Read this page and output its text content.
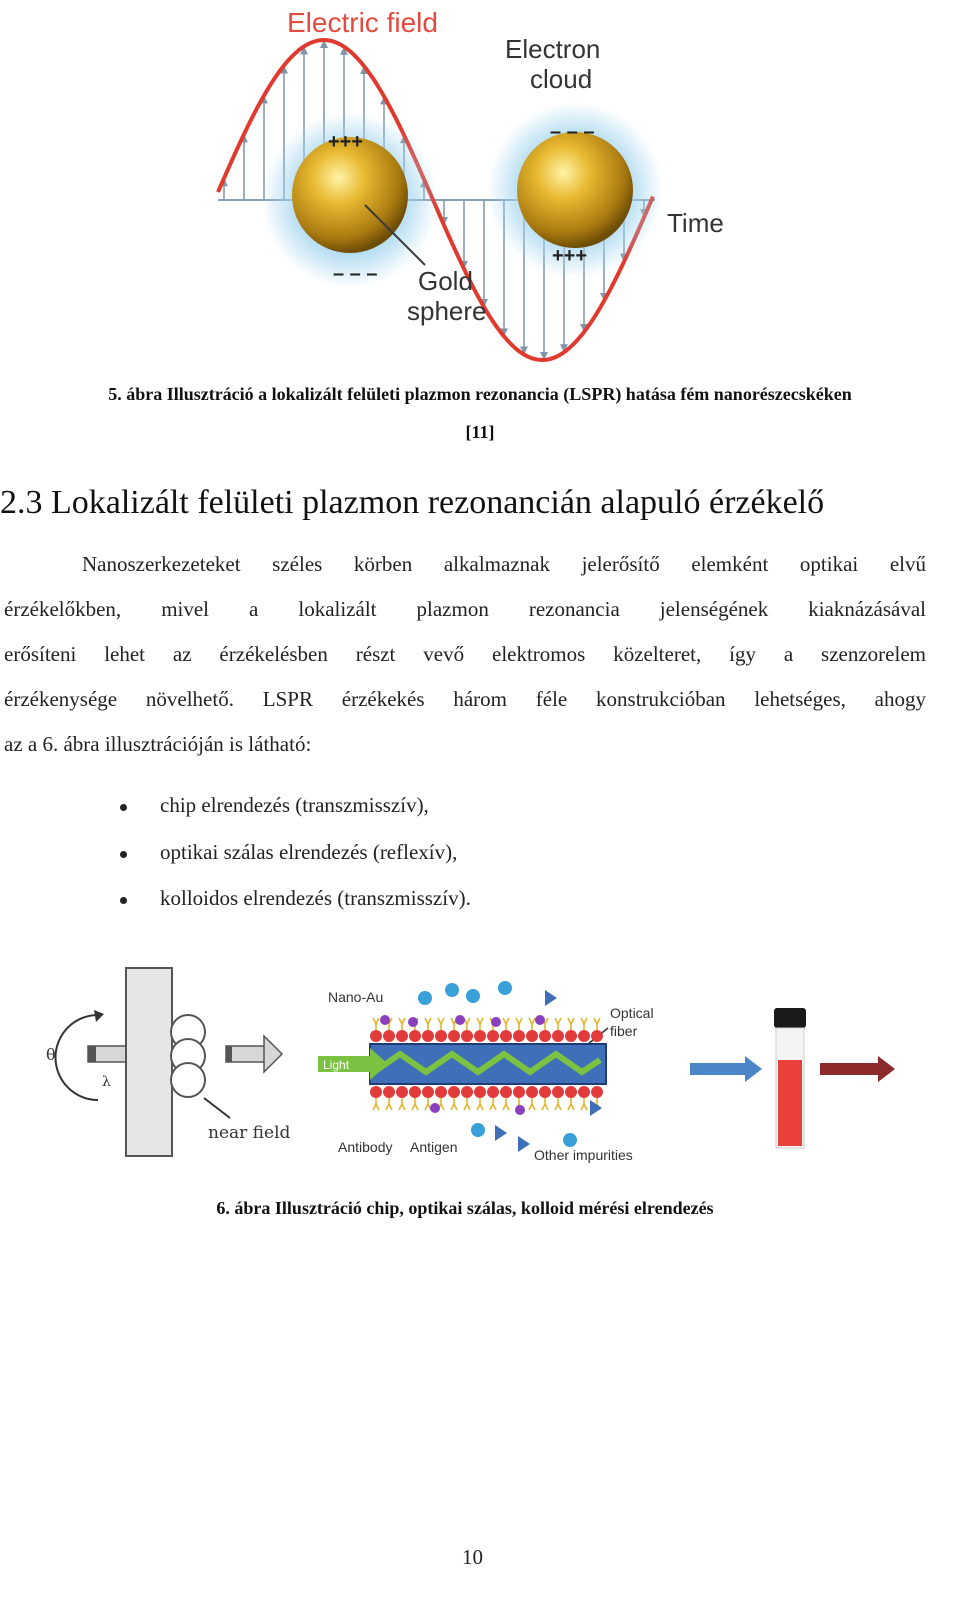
Electric field
Electron
cloud
Time
Gold
sphere
+++
– – –
– – –
+++
5. ábra Illusztráció a lokalizált felületi plazmon rezonancia (LSPR) hatása fém nanorészecskéken
[11]
2.3 Lokalizált felületi plazmon rezonancián alapuló érzékelő
Nanoszerkezeteket széles körben alkalmaznak jelerősítő elemként optikai elvű
érzékelőkben, mivel a lokalizált plazmon rezonancia jelenségének kiaknázásával
erősíteni lehet az érzékelésben részt vevő elektromos közelteret, így a szenzorelem
érzékenysége növelhető. LSPR érzékekés három féle konstrukcióban lehetséges, ahogy
az a 6. ábra illusztrációján is látható:
chip elrendezés (transzmisszív),
optikai szálas elrendezés (reflexív),
kolloidos elrendezés (transzmisszív).
θ
λ
near field
Nano-Au
Optical
fiber
Light
Antibody Antigen	Other impurities
6. ábra Illusztráció chip, optikai szálas, kolloid mérési elrendezés
10
